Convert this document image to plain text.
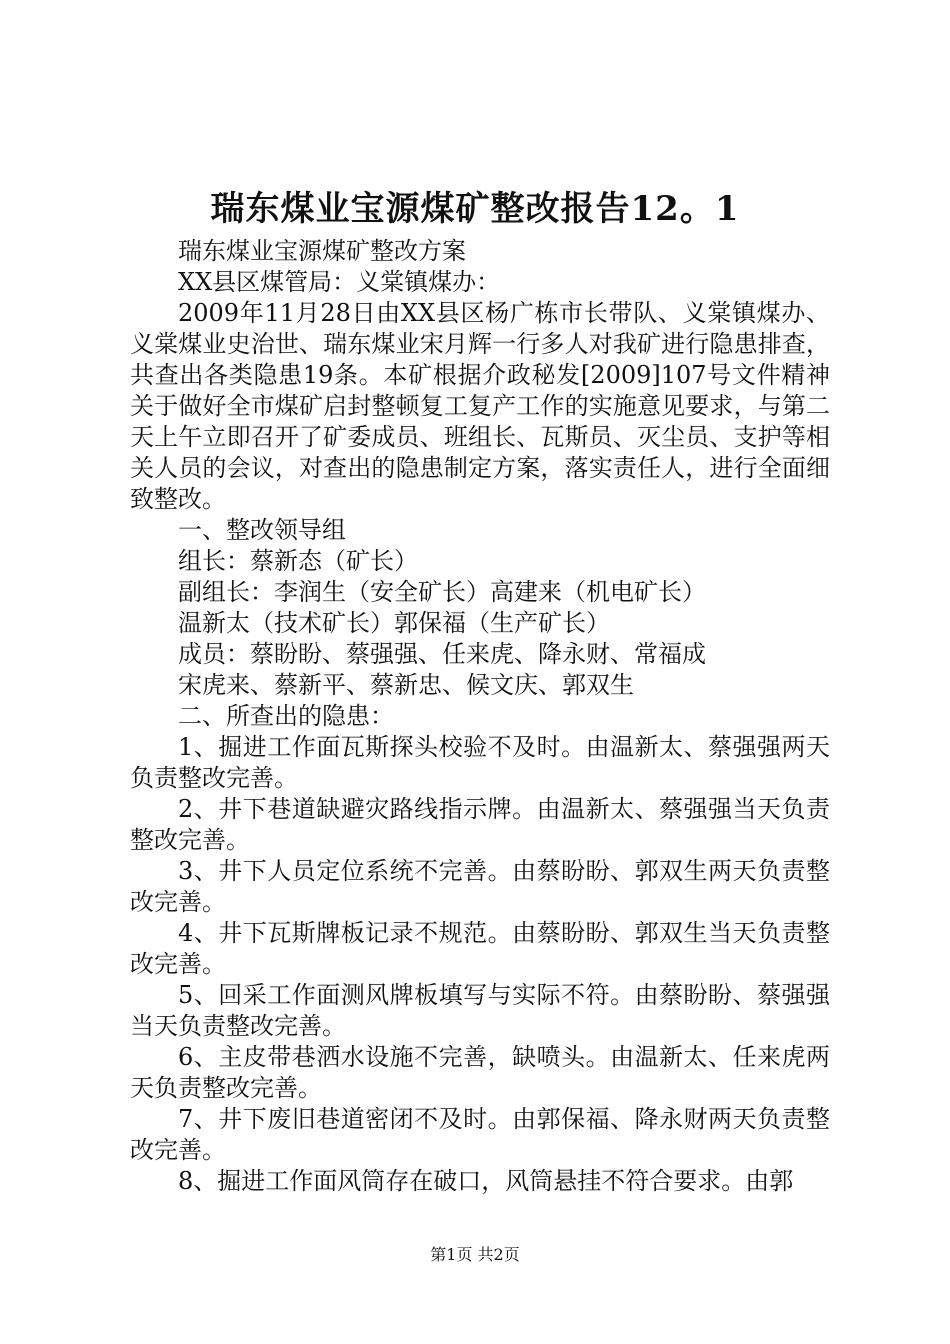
瑞东煤业宝源煤矿整改报告12。1

瑞东煤业宝源煤矿整改方案

XX县区煤管局：义棠镇煤办：

2009年11月28日由XX县区杨广栋市长带队、义棠镇煤办、义棠煤业史治世、瑞东煤业宋月辉一行多人对我矿进行隐患排查，共查出各类隐患19条。本矿根据介政秘发[2009]107号文件精神关于做好全市煤矿启封整顿复工复产工作的实施意见要求，与第二天上午立即召开了矿委成员、班组长、瓦斯员、灭尘员、支护等相关人员的会议，对查出的隐患制定方案，落实责任人，进行全面细致整改。

一、整改领导组

组长：蔡新态（矿长）

副组长：李润生（安全矿长）高建来（机电矿长）

温新太（技术矿长）郭保福（生产矿长）

成员：蔡盼盼、蔡强强、任来虎、降永财、常福成

宋虎来、蔡新平、蔡新忠、候文庆、郭双生

二、所查出的隐患：

1、掘进工作面瓦斯探头校验不及时。由温新太、蔡强强两天负责整改完善。

2、井下巷道缺避灾路线指示牌。由温新太、蔡强强当天负责整改完善。

3、井下人员定位系统不完善。由蔡盼盼、郭双生两天负责整改完善。

4、井下瓦斯牌板记录不规范。由蔡盼盼、郭双生当天负责整改完善。

5、回采工作面测风牌板填写与实际不符。由蔡盼盼、蔡强强当天负责整改完善。

6、主皮带巷洒水设施不完善，缺喷头。由温新太、任来虎两天负责整改完善。

7、井下废旧巷道密闭不及时。由郭保福、降永财两天负责整改完善。

8、掘进工作面风筒存在破口，风筒悬挂不符合要求。由郭

第1页 共2页
